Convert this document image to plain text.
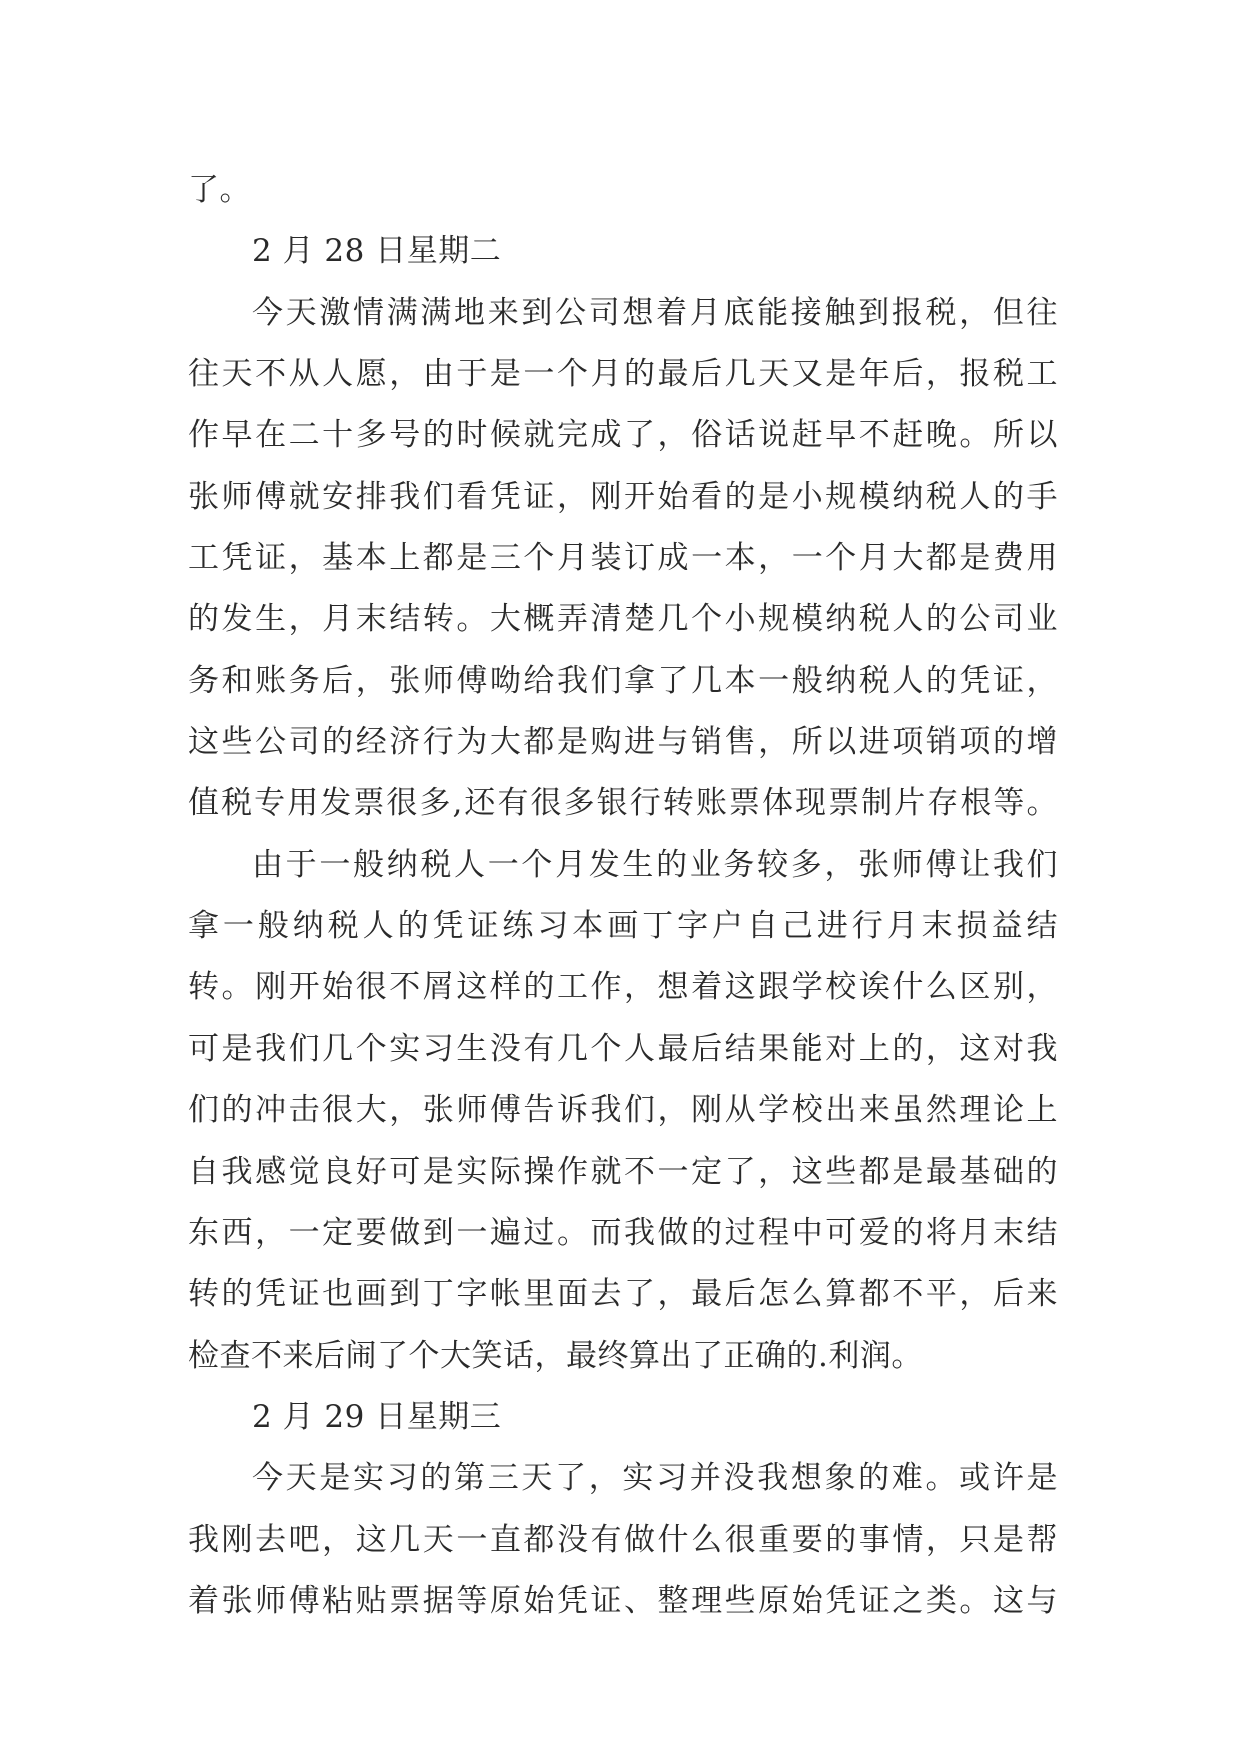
了。
2 月 28 日星期二
今天激情满满地来到公司想着月底能接触到报税，但往
往天不从人愿，由于是一个月的最后几天又是年后，报税工
作早在二十多号的时候就完成了，俗话说赶早不赶晚。所以
张师傅就安排我们看凭证，刚开始看的是小规模纳税人的手
工凭证，基本上都是三个月装订成一本，一个月大都是费用
的发生，月末结转。大概弄清楚几个小规模纳税人的公司业
务和账务后，张师傅呦给我们拿了几本一般纳税人的凭证，
这些公司的经济行为大都是购进与销售，所以进项销项的增
值税专用发票很多,还有很多银行转账票体现票制片存根等。
由于一般纳税人一个月发生的业务较多，张师傅让我们
拿一般纳税人的凭证练习本画丁字户自己进行月末损益结
转。刚开始很不屑这样的工作，想着这跟学校诶什么区别，
可是我们几个实习生没有几个人最后结果能对上的，这对我
们的冲击很大，张师傅告诉我们，刚从学校出来虽然理论上
自我感觉良好可是实际操作就不一定了，这些都是最基础的
东西，一定要做到一遍过。而我做的过程中可爱的将月末结
转的凭证也画到丁字帐里面去了，最后怎么算都不平，后来
检查不来后闹了个大笑话，最终算出了正确的.利润。
2 月 29 日星期三
今天是实习的第三天了，实习并没我想象的难。或许是
我刚去吧，这几天一直都没有做什么很重要的事情，只是帮
着张师傅粘贴票据等原始凭证、整理些原始凭证之类。这与
